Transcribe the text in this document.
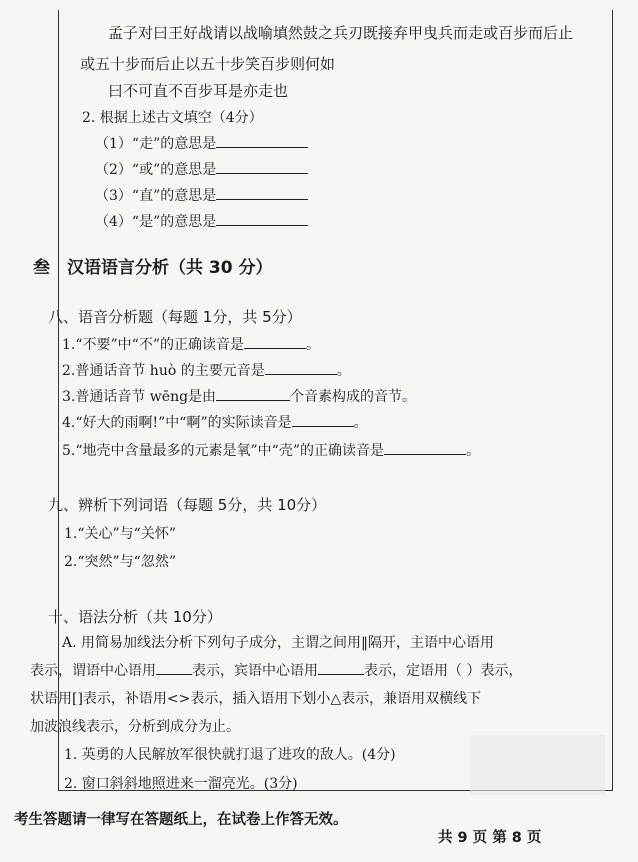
孟子对曰王好战请以战喻填然鼓之兵刃既接弃甲曳兵而走或百步而后止
或五十步而后止以五十步笑百步则何如
曰不可直不百步耳是亦走也
2. 根据上述古文填空（4分）
（1）“走”的意思是
（2）“或”的意思是
（3）“直”的意思是
（4）“是”的意思是
叁　汉语语言分析（共 30 分）
八、语音分析题（每题 1分，共 5分）
1.“不要”中“不”的正确读音是	。
2.普通话音节 huò 的主要元音是	。
3.普通话音节 wēng是由	个音素构成的音节。
4.“好大的雨啊!”中“啊”的实际读音是	。
5.“地壳中含量最多的元素是氧”中“壳”的正确读音是	。
九、辨析下列词语（每题 5分，共 10分）
1.“关心”与“关怀”
2.“突然”与“忽然”
十、语法分析（共 10分）
A. 用简易加线法分析下列句子成分，主谓之间用‖隔开，主语中心语用
表示，谓语中心语用	表示，宾语中心语用	表示，定语用（ ）表示，
状语用[]表示，补语用<>表示，插入语用下划小△表示，兼语用双横线下
加波浪线表示，分析到成分为止。
1. 英勇的人民解放军很快就打退了进攻的敌人。(4分)
2. 窗口斜斜地照进来一溜亮光。(3分)
考生答题请一律写在答题纸上，在试卷上作答无效。
共 9 页 第 8 页
